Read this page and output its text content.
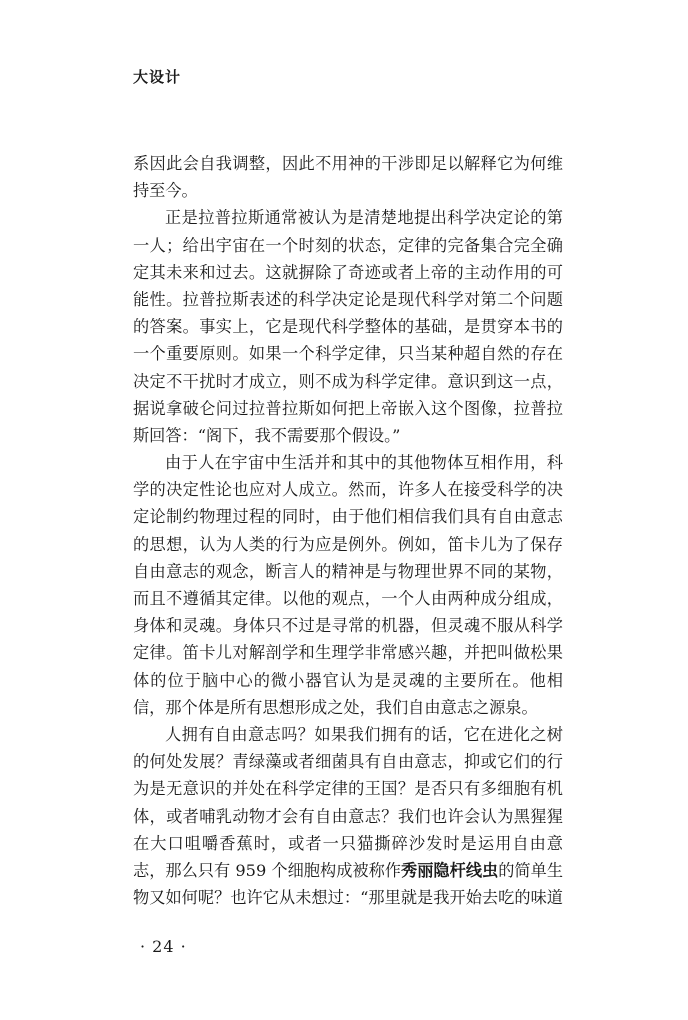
大设计
系因此会自我调整，因此不用神的干涉即足以解释它为何维
持至今。
正是拉普拉斯通常被认为是清楚地提出科学决定论的第
一人；给出宇宙在一个时刻的状态，定律的完备集合完全确
定其未来和过去。这就摒除了奇迹或者上帝的主动作用的可
能性。拉普拉斯表述的科学决定论是现代科学对第二个问题
的答案。事实上，它是现代科学整体的基础，是贯穿本书的
一个重要原则。如果一个科学定律，只当某种超自然的存在
决定不干扰时才成立，则不成为科学定律。意识到这一点，
据说拿破仑问过拉普拉斯如何把上帝嵌入这个图像，拉普拉
斯回答：“阁下，我不需要那个假设。”
由于人在宇宙中生活并和其中的其他物体互相作用，科
学的决定性论也应对人成立。然而，许多人在接受科学的决
定论制约物理过程的同时，由于他们相信我们具有自由意志
的思想，认为人类的行为应是例外。例如，笛卡儿为了保存
自由意志的观念，断言人的精神是与物理世界不同的某物，
而且不遵循其定律。以他的观点，一个人由两种成分组成，
身体和灵魂。身体只不过是寻常的机器，但灵魂不服从科学
定律。笛卡儿对解剖学和生理学非常感兴趣，并把叫做松果
体的位于脑中心的微小器官认为是灵魂的主要所在。他相
信，那个体是所有思想形成之处，我们自由意志之源泉。
人拥有自由意志吗？如果我们拥有的话，它在进化之树
的何处发展？青绿藻或者细菌具有自由意志，抑或它们的行
为是无意识的并处在科学定律的王国？是否只有多细胞有机
体，或者哺乳动物才会有自由意志？我们也许会认为黑猩猩
在大口咀嚼香蕉时，或者一只猫撕碎沙发时是运用自由意
志，那么只有 959 个细胞构成被称作秀丽隐杆线虫的简单生
物又如何呢？也许它从未想过：“那里就是我开始去吃的味道
· 24 ·
